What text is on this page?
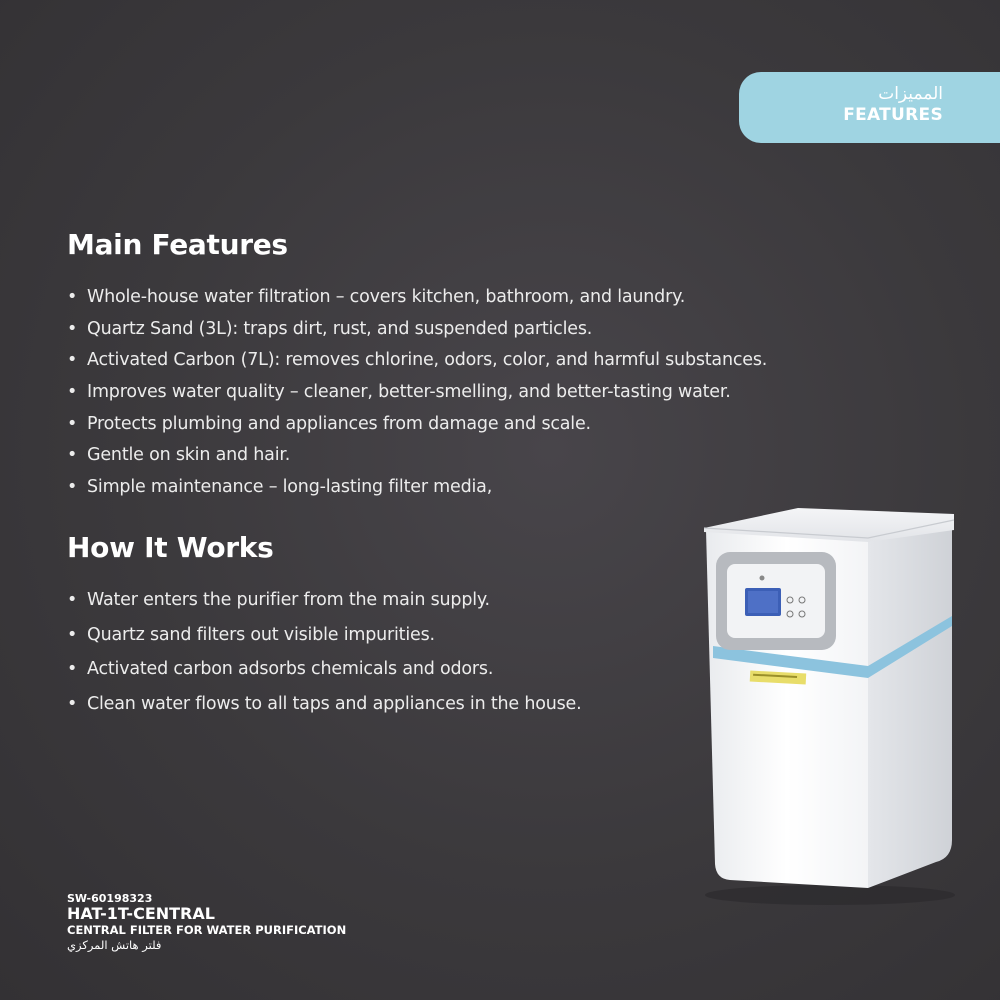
المميزات
FEATURES
Main Features
• Whole-house water filtration – covers kitchen, bathroom, and laundry.
• Quartz Sand (3L): traps dirt, rust, and suspended particles.
• Activated Carbon (7L): removes chlorine, odors, color, and harmful substances.
• Improves water quality – cleaner, better-smelling, and better-tasting water.
• Protects plumbing and appliances from damage and scale.
• Gentle on skin and hair.
• Simple maintenance – long-lasting filter media,
How It Works
• Water enters the purifier from the main supply.
• Quartz sand filters out visible impurities.
• Activated carbon adsorbs chemicals and odors.
• Clean water flows to all taps and appliances in the house.
SW-60198323
HAT-1T-CENTRAL
CENTRAL FILTER FOR WATER PURIFICATION
فلتر هاتش المركزي
